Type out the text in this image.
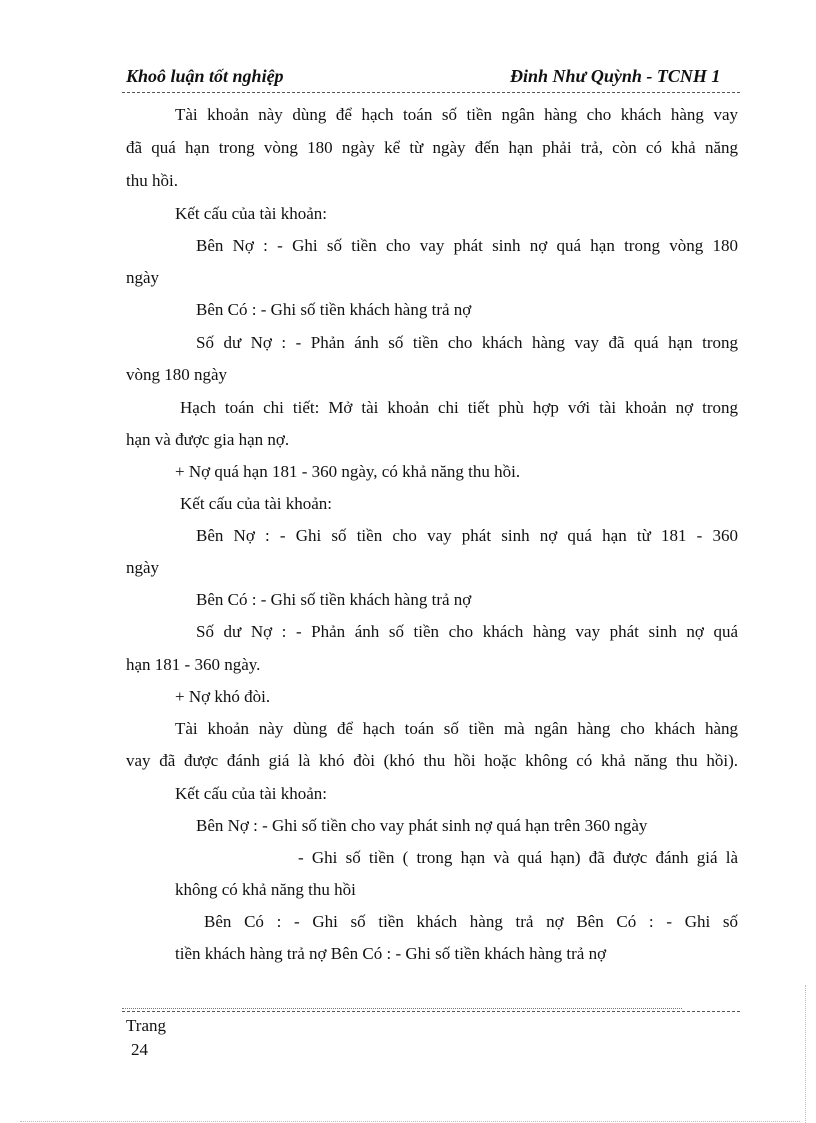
Khoô luận tốt nghiệp	Đinh Như Quỳnh - TCNH 1
Tài khoản này dùng để hạch toán số tiền ngân hàng cho khách hàng vay
đã quá hạn trong vòng 180 ngày kể từ ngày đến hạn phải trả, còn có khả năng
thu hồi.
Kết cấu của tài khoản:
Bên Nợ : - Ghi số tiền cho vay phát sinh nợ quá hạn trong vòng 180
ngày
Bên Có : - Ghi số tiền khách hàng trả nợ
Số dư Nợ : - Phản ánh số tiền cho khách hàng vay đã quá hạn trong
vòng 180 ngày
Hạch toán chi tiết: Mở tài khoản chi tiết phù hợp với tài khoản nợ trong
hạn và được gia hạn nợ.
+ Nợ quá hạn 181 - 360 ngày, có khả năng thu hồi.
Kết cấu của tài khoản:
Bên Nợ : - Ghi số tiền cho vay phát sinh nợ quá hạn từ 181 - 360
ngày
Bên Có : - Ghi số tiền khách hàng trả nợ
Số dư Nợ : - Phản ánh số tiền cho khách hàng vay phát sinh nợ quá
hạn 181 - 360 ngày.
+ Nợ khó đòi.
Tài khoản này dùng để hạch toán số tiền mà ngân hàng cho khách hàng
vay đã được đánh giá là khó đòi (khó thu hồi hoặc không có khả năng thu hồi).
Kết cấu của tài khoản:
Bên Nợ : - Ghi số tiền cho vay phát sinh nợ quá hạn trên 360 ngày
- Ghi số tiền ( trong hạn và quá hạn) đã được đánh giá là
không có khả năng thu hồi
Bên Có : - Ghi số tiền khách hàng trả nợ Bên Có : - Ghi số
tiền khách hàng trả nợ Bên Có : - Ghi số tiền khách hàng trả nợ
Trang
24
